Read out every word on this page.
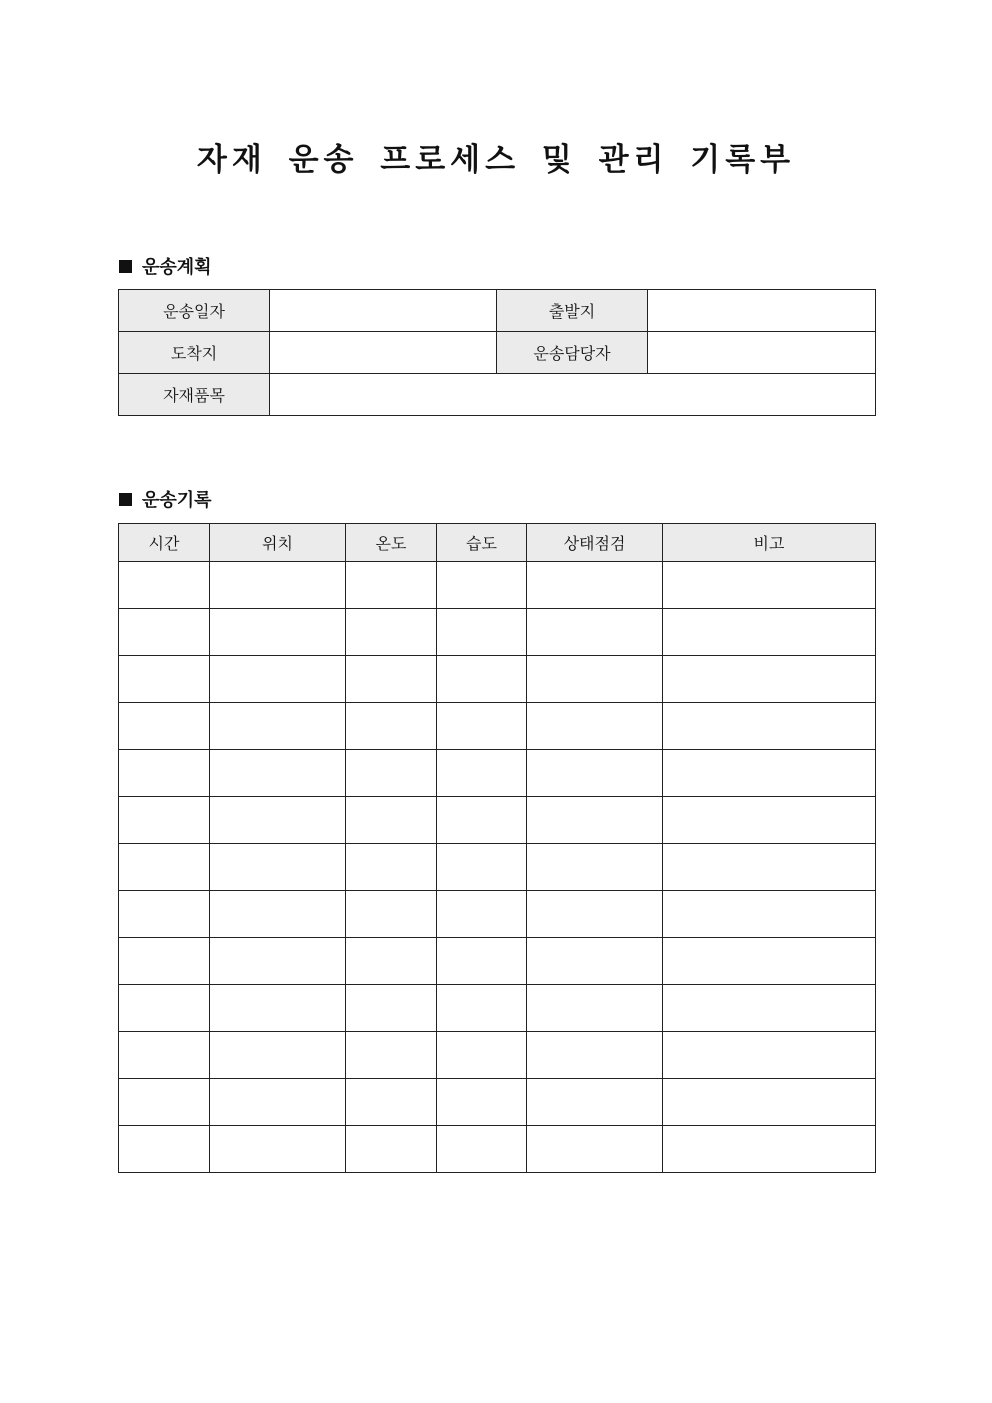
자재 운송 프로세스 및 관리 기록부
운송계획
운송일자		출발지	
도착지		운송담당자	
자재품목			
운송기록
시간	위치	온도	습도	상태점검	비고
